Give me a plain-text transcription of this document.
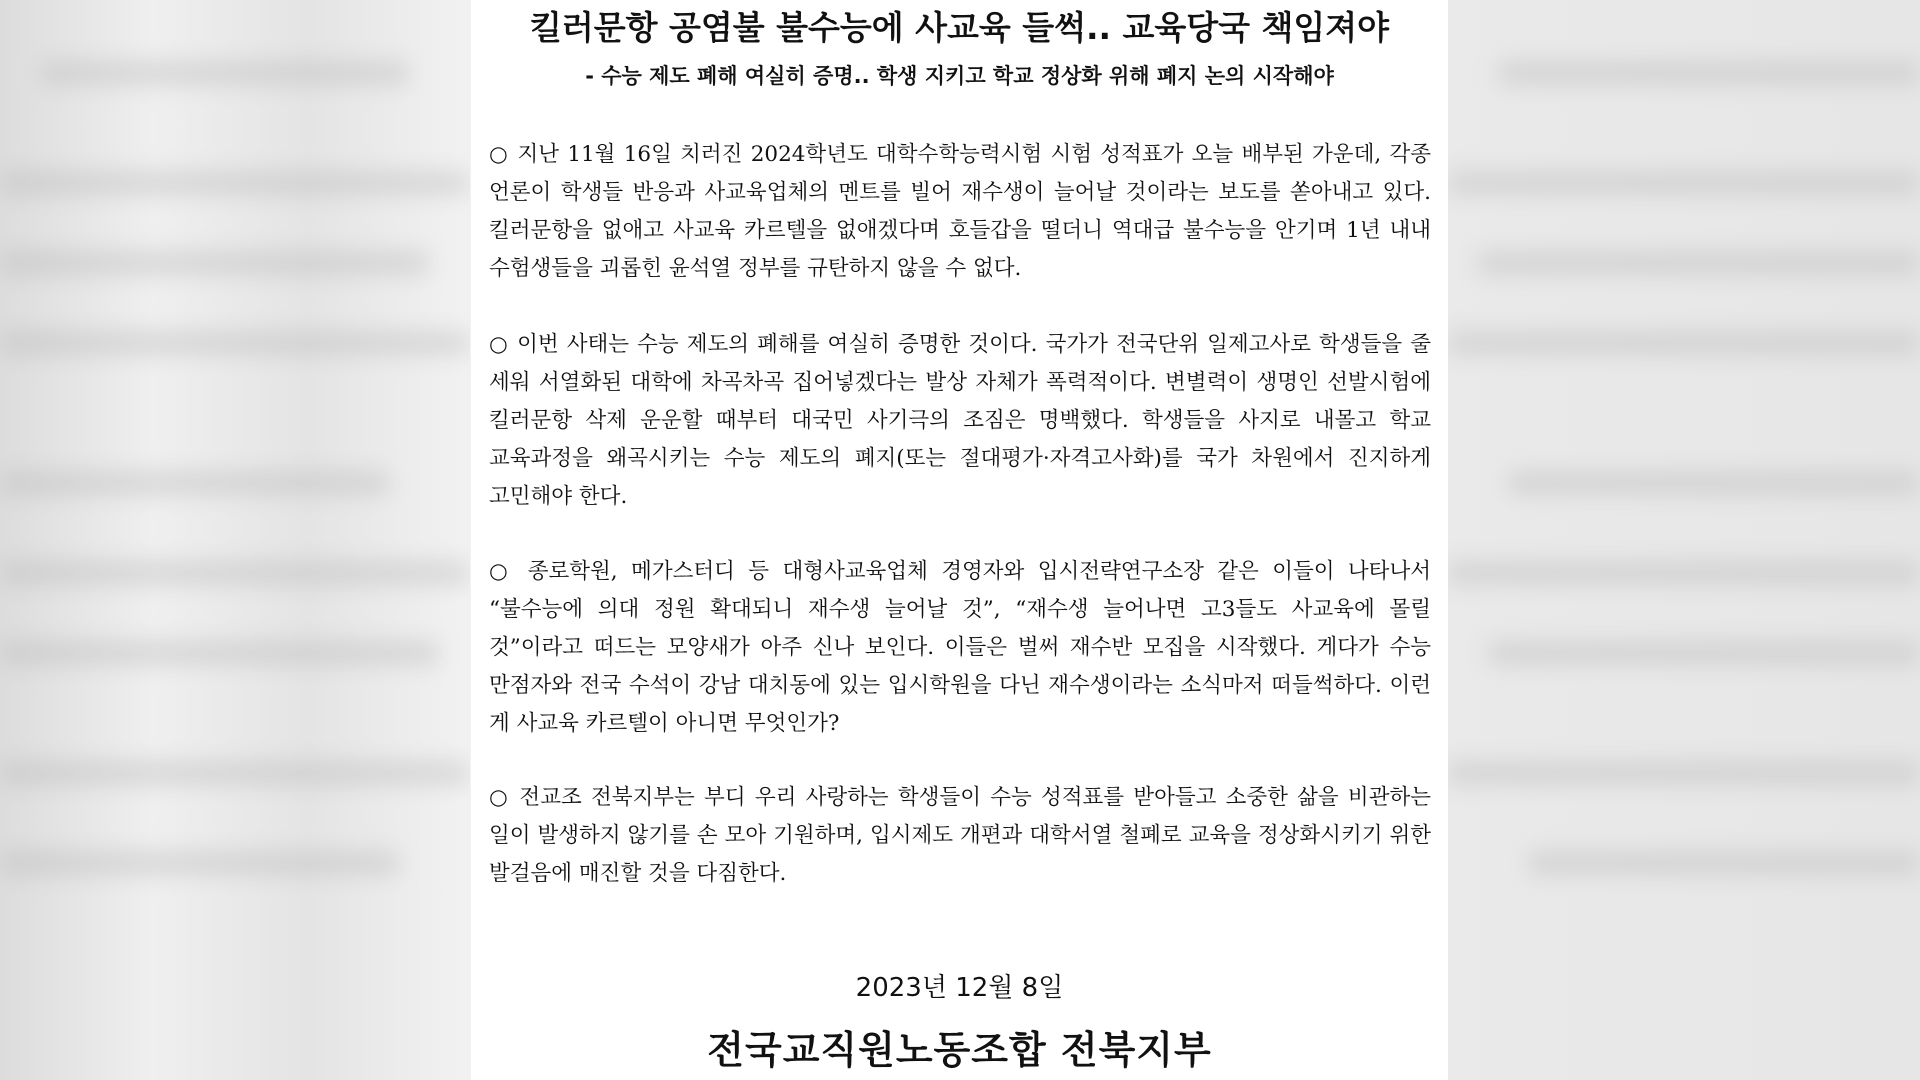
킬러문항 공염불 불수능에 사교육 들썩.. 교육당국 책임져야
- 수능 제도 폐해 여실히 증명.. 학생 지키고 학교 정상화 위해 폐지 논의 시작해야

○ 지난 11월 16일 치러진 2024학년도 대학수학능력시험 시험 성적표가 오늘 배부된 가운데, 각종 언론이 학생들 반응과 사교육업체의 멘트를 빌어 재수생이 늘어날 것이라는 보도를 쏟아내고 있다. 킬러문항을 없애고 사교육 카르텔을 없애겠다며 호들갑을 떨더니 역대급 불수능을 안기며 1년 내내 수험생들을 괴롭힌 윤석열 정부를 규탄하지 않을 수 없다.

○ 이번 사태는 수능 제도의 폐해를 여실히 증명한 것이다. 국가가 전국단위 일제고사로 학생들을 줄 세워 서열화된 대학에 차곡차곡 집어넣겠다는 발상 자체가 폭력적이다. 변별력이 생명인 선발시험에 킬러문항 삭제 운운할 때부터 대국민 사기극의 조짐은 명백했다. 학생들을 사지로 내몰고 학교 교육과정을 왜곡시키는 수능 제도의 폐지(또는 절대평가·자격고사화)를 국가 차원에서 진지하게 고민해야 한다.

○ 종로학원, 메가스터디 등 대형사교육업체 경영자와 입시전략연구소장 같은 이들이 나타나서 “불수능에 의대 정원 확대되니 재수생 늘어날 것”, “재수생 늘어나면 고3들도 사교육에 몰릴 것”이라고 떠드는 모양새가 아주 신나 보인다. 이들은 벌써 재수반 모집을 시작했다. 게다가 수능 만점자와 전국 수석이 강남 대치동에 있는 입시학원을 다닌 재수생이라는 소식마저 떠들썩하다. 이런 게 사교육 카르텔이 아니면 무엇인가?

○ 전교조 전북지부는 부디 우리 사랑하는 학생들이 수능 성적표를 받아들고 소중한 삶을 비관하는 일이 발생하지 않기를 손 모아 기원하며, 입시제도 개편과 대학서열 철폐로 교육을 정상화시키기 위한 발걸음에 매진할 것을 다짐한다.

2023년 12월 8일
전국교직원노동조합 전북지부
